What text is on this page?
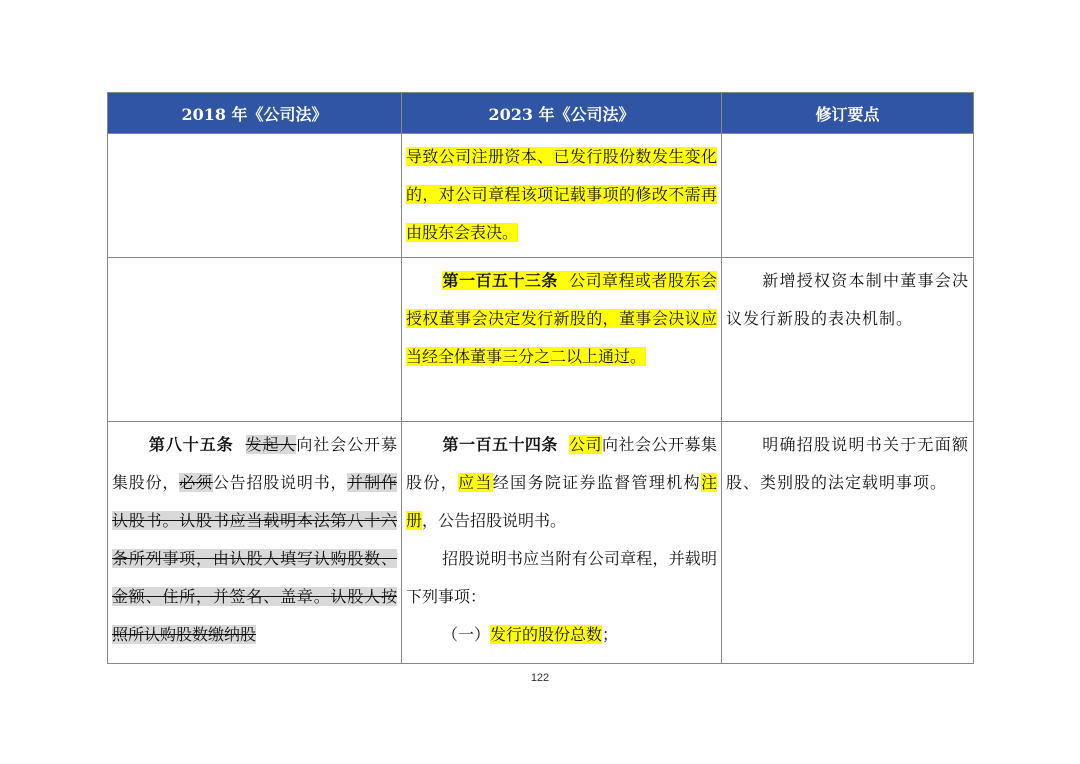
2018 年《公司法》	2023 年《公司法》	修订要点
	导致公司注册资本、已发行股份数发生变化的，对公司章程该项记载事项的修改不需再由股东会表决。	
	第一百五十三条 公司章程或者股东会授权董事会决定发行新股的，董事会决议应当经全体董事三分之二以上通过。	新增授权资本制中董事会决议发行新股的表决机制。

第八十五条 发起人向社会公开募集股份，必须公告招股说明书，并制作认股书。认股书应当载明本法第八十六条所列事项，由认股人填写认购股数、金额、住所，并签名、盖章。认股人按照所认购股数缴纳股	第一百五十四条 公司向社会公开募集股份，应当经国务院证券监督管理机构注册，公告招股说明书。
招股说明书应当附有公司章程，并载明下列事项：
（一）发行的股份总数；	明确招股说明书关于无面额股、类别股的法定载明事项。
122
